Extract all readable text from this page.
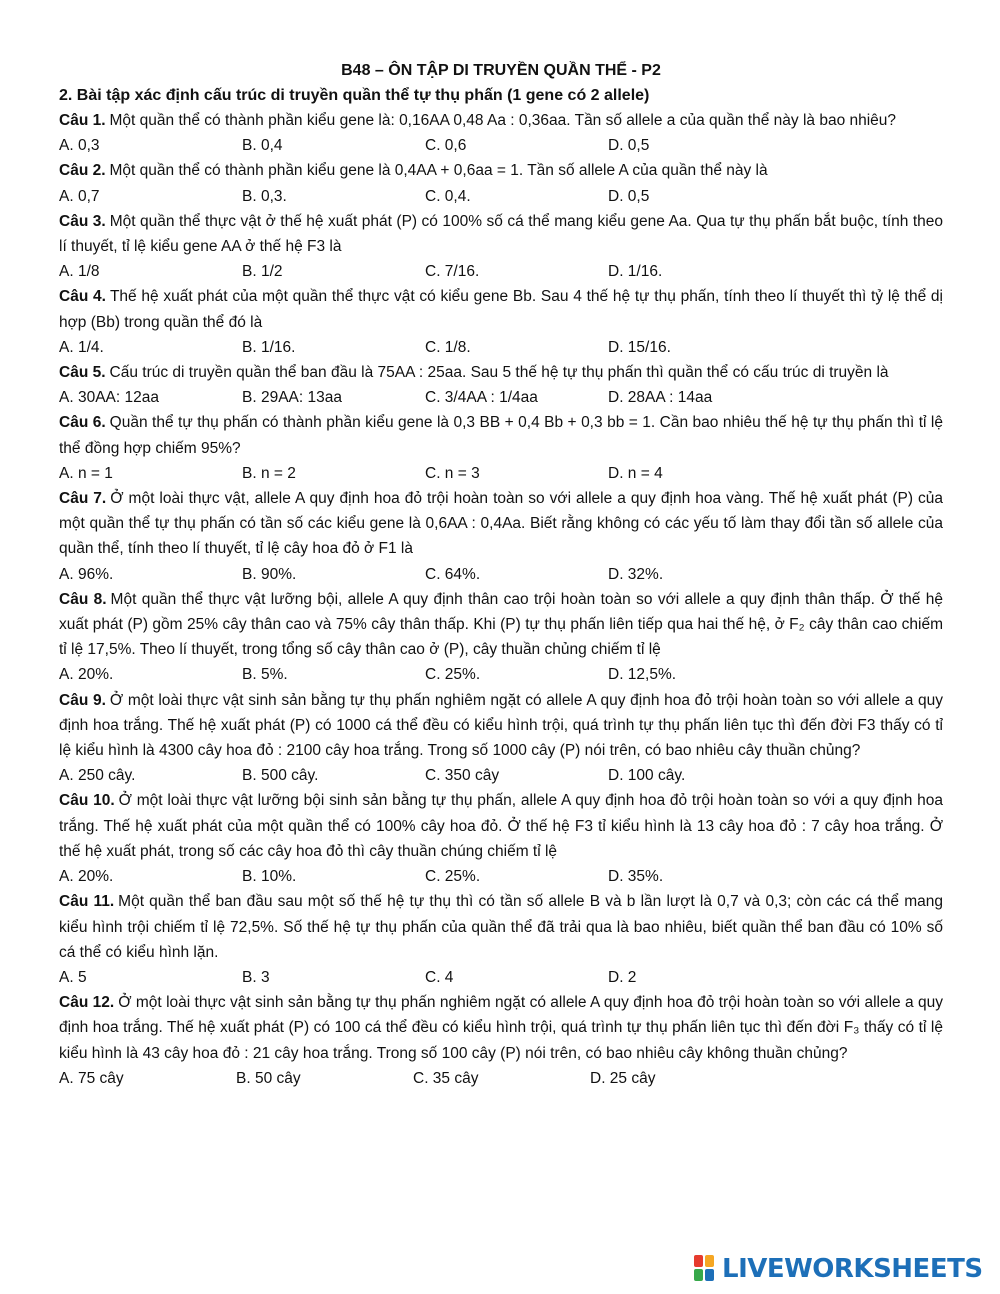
B48 – ÔN TẬP DI TRUYỀN QUẦN THỂ - P2
2. Bài tập xác định cấu trúc di truyền quần thể tự thụ phấn (1 gene có 2 allele)
Câu 1. Một quần thể có thành phần kiểu gene là: 0,16AA 0,48 Aa : 0,36aa. Tần số allele a của quần thể này là bao nhiêu?
A. 0,3	B. 0,4	C. 0,6	D. 0,5
Câu 2. Một quần thể có thành phần kiểu gene là 0,4AA + 0,6aa = 1. Tần số allele A của quần thể này là
A. 0,7	B. 0,3.	C. 0,4.	D. 0,5
Câu 3. Một quần thể thực vật ở thế hệ xuất phát (P) có 100% số cá thể mang kiểu gene Aa. Qua tự thụ phấn bắt buộc, tính theo lí thuyết, tỉ lệ kiểu gene AA ở thế hệ F3 là
A. 1/8	B. 1/2	C. 7/16.	D. 1/16.
Câu 4. Thế hệ xuất phát của một quần thể thực vật có kiểu gene Bb. Sau 4 thế hệ tự thụ phấn, tính theo lí thuyết thì tỷ lệ thể dị hợp (Bb) trong quần thể đó là
A. 1/4.	B. 1/16.	C. 1/8.	D. 15/16.
Câu 5. Cấu trúc di truyền quần thể ban đầu là 75AA : 25aa. Sau 5 thế hệ tự thụ phấn thì quần thể có cấu trúc di truyền là
A. 30AA: 12aa	B. 29AA: 13aa	C. 3/4AA : 1/4aa	D. 28AA : 14aa
Câu 6. Quần thể tự thụ phấn có thành phần kiểu gene là 0,3 BB + 0,4 Bb + 0,3 bb = 1. Cần bao nhiêu thế hệ tự thụ phấn thì tỉ lệ thể đồng hợp chiếm 95%?
A. n = 1	B. n = 2	C. n = 3	D. n = 4
Câu 7. Ở một loài thực vật, allele A quy định hoa đỏ trội hoàn toàn so với allele a quy định hoa vàng. Thế hệ xuất phát (P) của một quần thể tự thụ phấn có tần số các kiểu gene là 0,6AA : 0,4Aa. Biết rằng không có các yếu tố làm thay đổi tần số allele của quần thể, tính theo lí thuyết, tỉ lệ cây hoa đỏ ở F1 là
A. 96%.	B. 90%.	C. 64%.	D. 32%.
Câu 8. Một quần thể thực vật lưỡng bội, allele A quy định thân cao trội hoàn toàn so với allele a quy định thân thấp. Ở thế hệ xuất phát (P) gồm 25% cây thân cao và 75% cây thân thấp. Khi (P) tự thụ phấn liên tiếp qua hai thế hệ, ở F₂ cây thân cao chiếm tỉ lệ 17,5%. Theo lí thuyết, trong tổng số cây thân cao ở (P), cây thuần chủng chiếm tỉ lệ
A. 20%.	B. 5%.	C. 25%.	D. 12,5%.
Câu 9. Ở một loài thực vật sinh sản bằng tự thụ phấn nghiêm ngặt có allele A quy định hoa đỏ trội hoàn toàn so với allele a quy định hoa trắng. Thế hệ xuất phát (P) có 1000 cá thể đều có kiểu hình trội, quá trình tự thụ phấn liên tục thì đến đời F3 thấy có tỉ lệ kiểu hình là 4300 cây hoa đỏ : 2100 cây hoa trắng. Trong số 1000 cây (P) nói trên, có bao nhiêu cây thuần chủng?
A. 250 cây.	B. 500 cây.	C. 350 cây	D. 100 cây.
Câu 10. Ở một loài thực vật lưỡng bội sinh sản bằng tự thụ phấn, allele A quy định hoa đỏ trội hoàn toàn so với a quy định hoa trắng. Thế hệ xuất phát của một quần thể có 100% cây hoa đỏ. Ở thế hệ F3 tỉ kiểu hình là 13 cây hoa đỏ : 7 cây hoa trắng. Ở thế hệ xuất phát, trong số các cây hoa đỏ thì cây thuần chúng chiếm tỉ lệ
A. 20%.	B. 10%.	C. 25%.	D. 35%.
Câu 11. Một quần thể ban đầu sau một số thế hệ tự thụ thì có tần số allele B và b lần lượt là 0,7 và 0,3; còn các cá thể mang kiểu hình trội chiếm tỉ lệ 72,5%. Số thế hệ tự thụ phấn của quần thể đã trải qua là bao nhiêu, biết quần thể ban đầu có 10% số cá thể có kiểu hình lặn.
A. 5	B. 3	C. 4	D. 2
Câu 12. Ở một loài thực vật sinh sản bằng tự thụ phấn nghiêm ngặt có allele A quy định hoa đỏ trội hoàn toàn so với allele a quy định hoa trắng. Thế hệ xuất phát (P) có 100 cá thể đều có kiểu hình trội, quá trình tự thụ phấn liên tục thì đến đời F₃ thấy có tỉ lệ kiểu hình là 43 cây hoa đỏ : 21 cây hoa trắng. Trong số 100 cây (P) nói trên, có bao nhiêu cây không thuần chủng?
A. 75 cây	B. 50 cây	C. 35 cây	D. 25 cây
LIVEWORKSHEETS
